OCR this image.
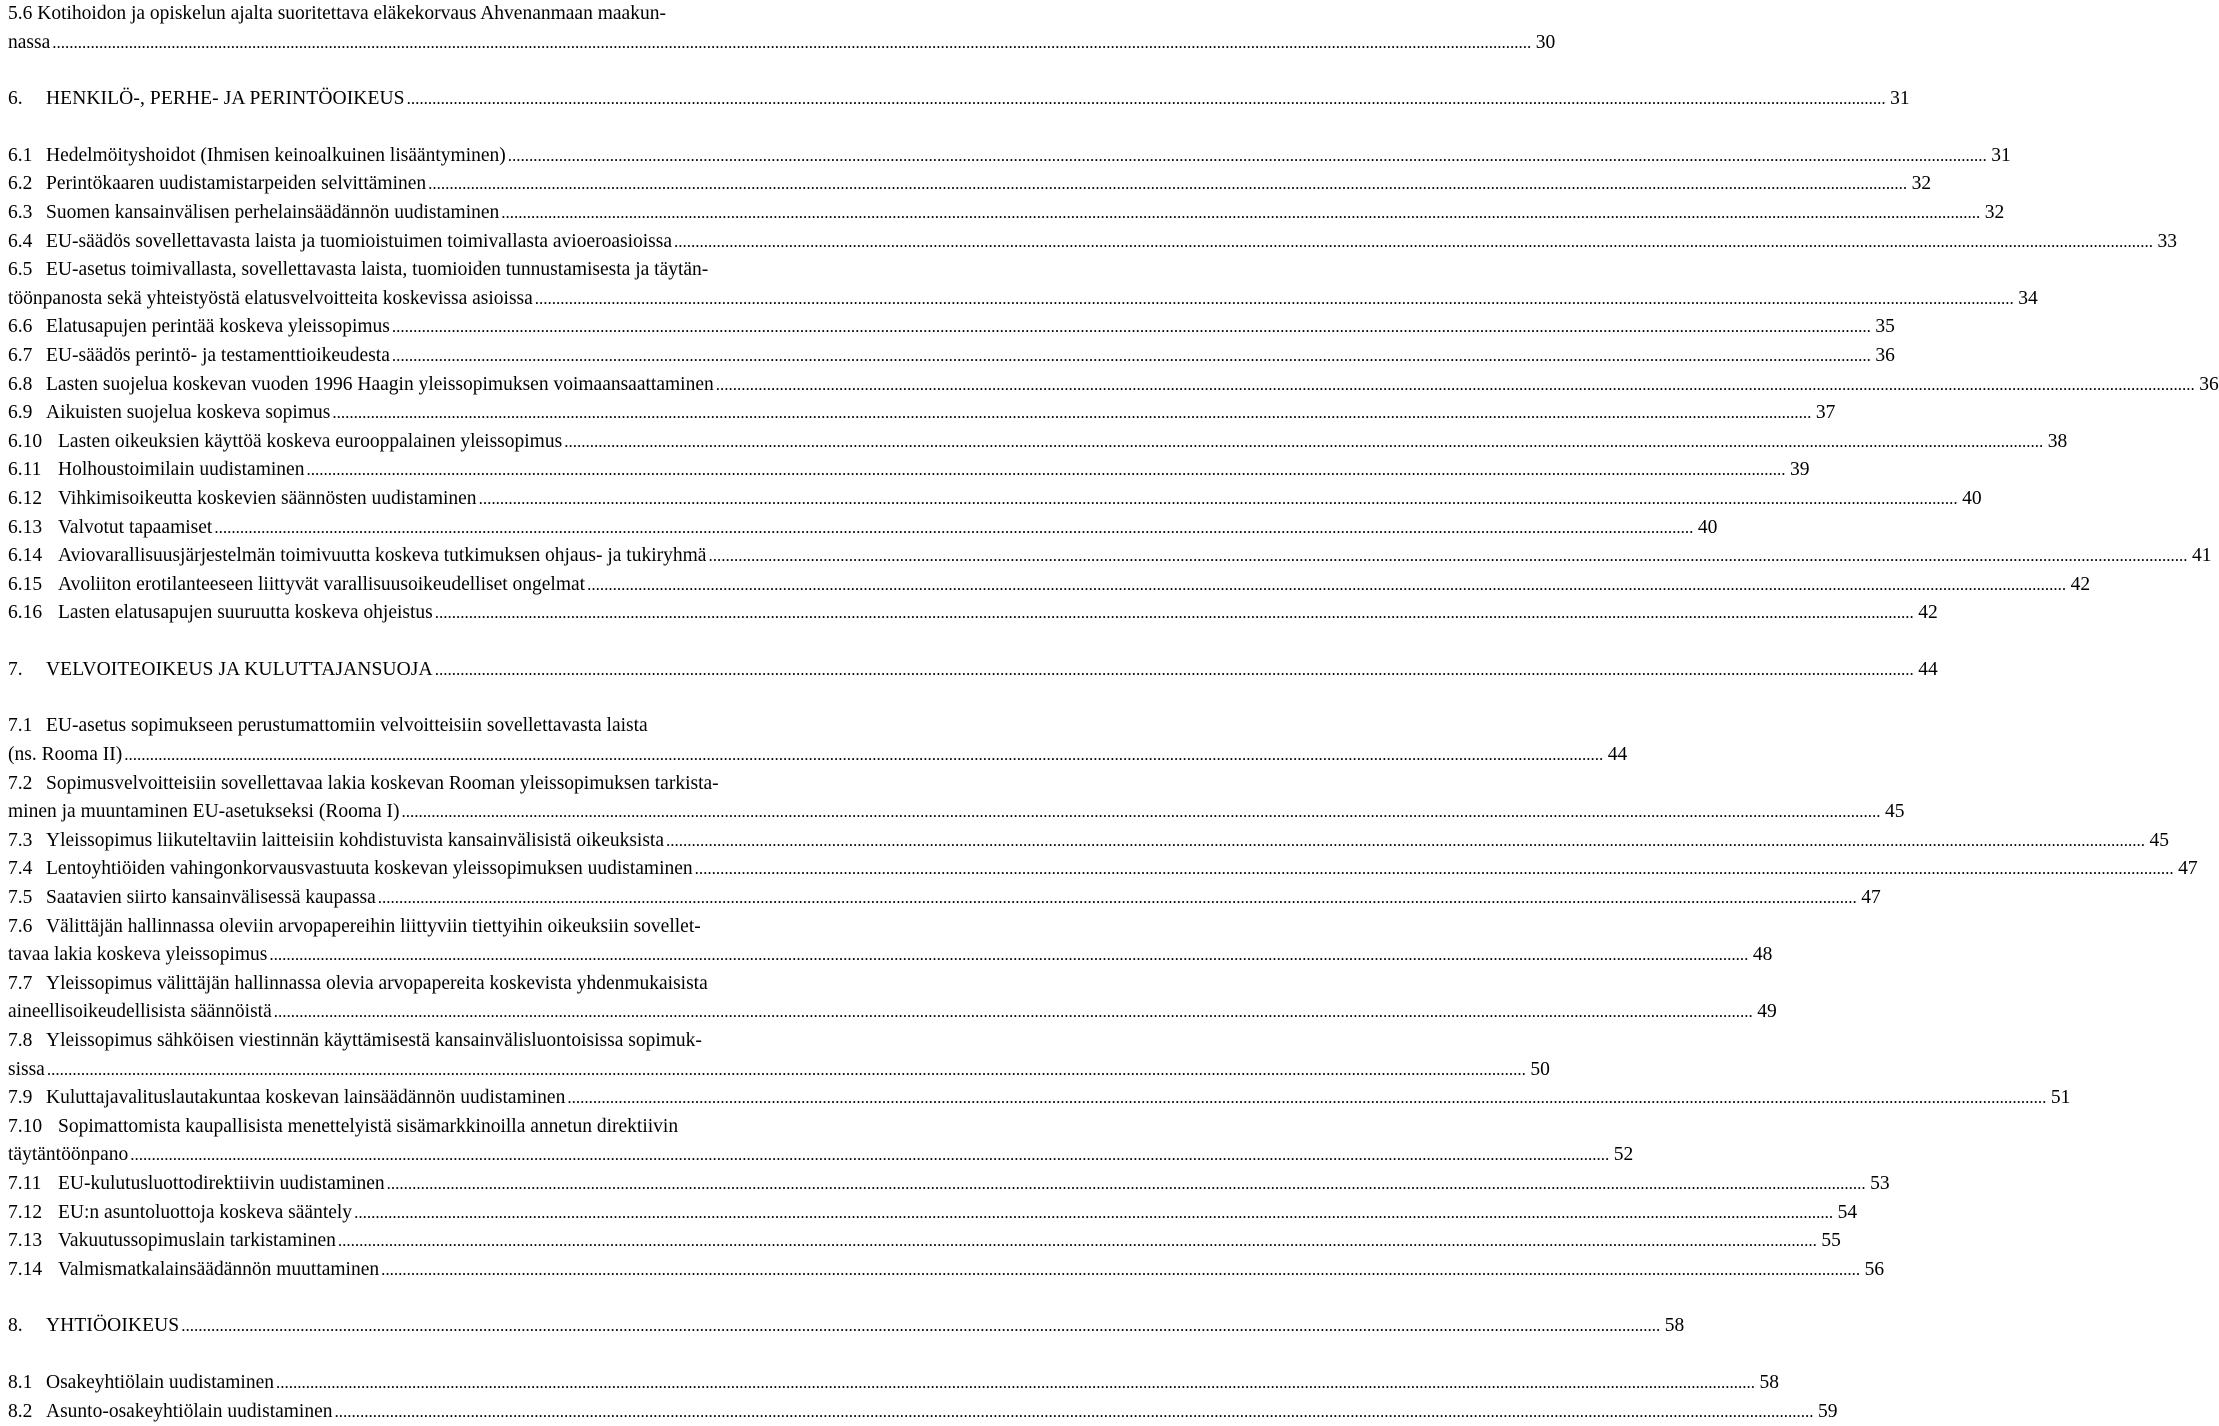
5.6 Kotihoidon ja opiskelun ajalta suoritettava eläkekorvaus Ahvenanmaan maakun-
nassa .....	30
6.	HENKILÖ-, PERHE- JA PERINTÖOIKEUS .....	31
6.1 Hedelmöityshoidot (Ihmisen keinoalkuinen lisääntyminen) .....	31
6.2 Perintökaaren uudistamistarpeiden selvittäminen .....	32
6.3 Suomen kansainvälisen perhelainsäädännön uudistaminen .....	32
6.4 EU-säädös sovellettavasta laista ja tuomioistuimen toimivallasta avioeroasioissa .....	33
6.5 EU-asetus toimivallasta, sovellettavasta laista, tuomioiden tunnustamisesta ja täytän-
töönpanosta sekä yhteistyöstä elatusvelvoitteita koskevissa asioissa .....	34
6.6 Elatusapujen perintää koskeva yleissopimus .....	35
6.7 EU-säädös perintö- ja testamenttioikeudesta .....	36
6.8 Lasten suojelua koskevan vuoden 1996 Haagin yleissopimuksen voimaansaattaminen .....	36
6.9 Aikuisten suojelua koskeva sopimus .....	37
6.10 Lasten oikeuksien käyttöä koskeva eurooppalainen yleissopimus .....	38
6.11 Holhoustoimilain uudistaminen .....	39
6.12 Vihkimisoikeutta koskevien säännösten uudistaminen .....	40
6.13 Valvotut tapaamiset .....	40
6.14 Aviovarallisuusjärjestelmän toimivuutta koskeva tutkimuksen ohjaus- ja tukiryhmä .....	41
6.15 Avoliiton erotilanteeseen liittyvät varallisuusoikeudelliset ongelmat .....	42
6.16 Lasten elatusapujen suuruutta koskeva ohjeistus .....	42
7.	VELVOITEOIKEUS JA KULUTTAJANSUOJA .....	44
7.1 EU-asetus sopimukseen perustumattomiin velvoitteisiin sovellettavasta laista
(ns. Rooma II) .....	44
7.2 Sopimusvelvoitteisiin sovellettavaa lakia koskevan Rooman yleissopimuksen tarkista-
minen ja muuntaminen EU-asetukseksi (Rooma I) .....	45
7.3 Yleissopimus liikuteltaviin laitteisiin kohdistuvista kansainvälisistä oikeuksista .....	45
7.4 Lentoyhtiöiden vahingonkorvausvastuuta koskevan yleissopimuksen uudistaminen .....	47
7.5 Saatavien siirto kansainvälisessä kaupassa .....	47
7.6 Välittäjän hallinnassa oleviin arvopapereihin liittyviin tiettyihin oikeuksiin sovellet-
tavaa lakia koskeva yleissopimus .....	48
7.7 Yleissopimus välittäjän hallinnassa olevia arvopapereita koskevista yhdenmukaisista
aineellisoikeudellisista säännöistä .....	49
7.8 Yleissopimus sähköisen viestinnän käyttämisestä kansainvälisluontoisissa sopimuk-
sissa .....	50
7.9 Kuluttajavalituslautakuntaa koskevan lainsäädännön uudistaminen .....	51
7.10 Sopimattomista kaupallisista menettelyistä sisämarkkinoilla annetun direktiivin
täytäntöönpano .....	52
7.11 EU-kulutusluottodirektiivin uudistaminen .....	53
7.12 EU:n asuntoluottoja koskeva sääntely .....	54
7.13 Vakuutussopimuslain tarkistaminen .....	55
7.14 Valmismatkalainsäädännön muuttaminen .....	56
8.	YHTIÖOIKEUS .....	58
8.1 Osakeyhtiölain uudistaminen .....	58
8.2 Asunto-osakeyhtiölain uudistaminen .....	59
